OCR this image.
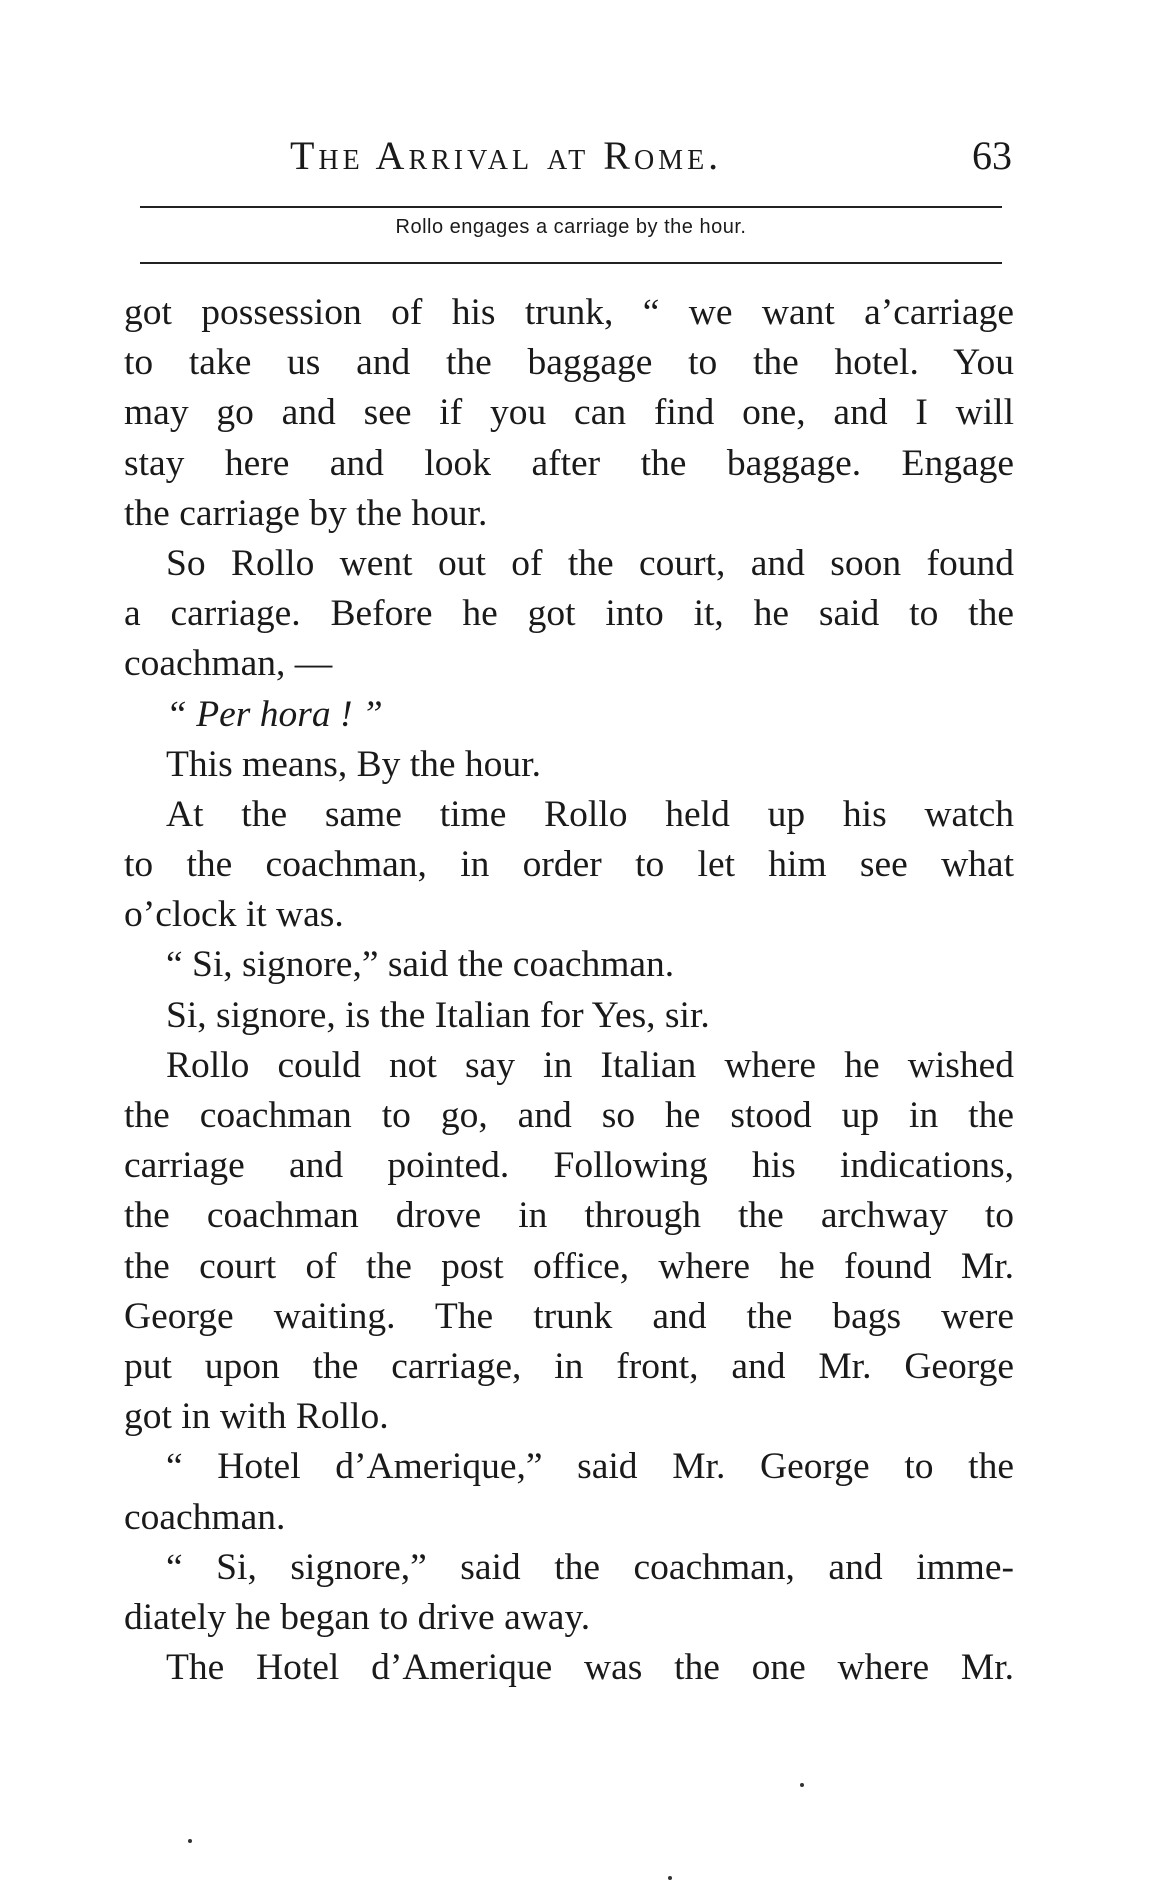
The Arrival at Rome.	63
Rollo engages a carriage by the hour.
got possession of his trunk, “ we want a’carriage
to take us and the baggage to the hotel. You
may go and see if you can find one, and I will
stay here and look after the baggage. Engage
the carriage by the hour.
So Rollo went out of the court, and soon found
a carriage. Before he got into it, he said to the
coachman, —
“ Per hora ! ”
This means, By the hour.
At the same time Rollo held up his watch
to the coachman, in order to let him see what
o’clock it was.
“ Si, signore,” said the coachman.
Si, signore, is the Italian for Yes, sir.
Rollo could not say in Italian where he wished
the coachman to go, and so he stood up in the
carriage and pointed. Following his indications,
the coachman drove in through the archway to
the court of the post office, where he found Mr.
George waiting. The trunk and the bags were
put upon the carriage, in front, and Mr. George
got in with Rollo.
“ Hotel d’Amerique,” said Mr. George to the
coachman.
“ Si, signore,” said the coachman, and imme-
diately he began to drive away.
The Hotel d’Amerique was the one where Mr.
